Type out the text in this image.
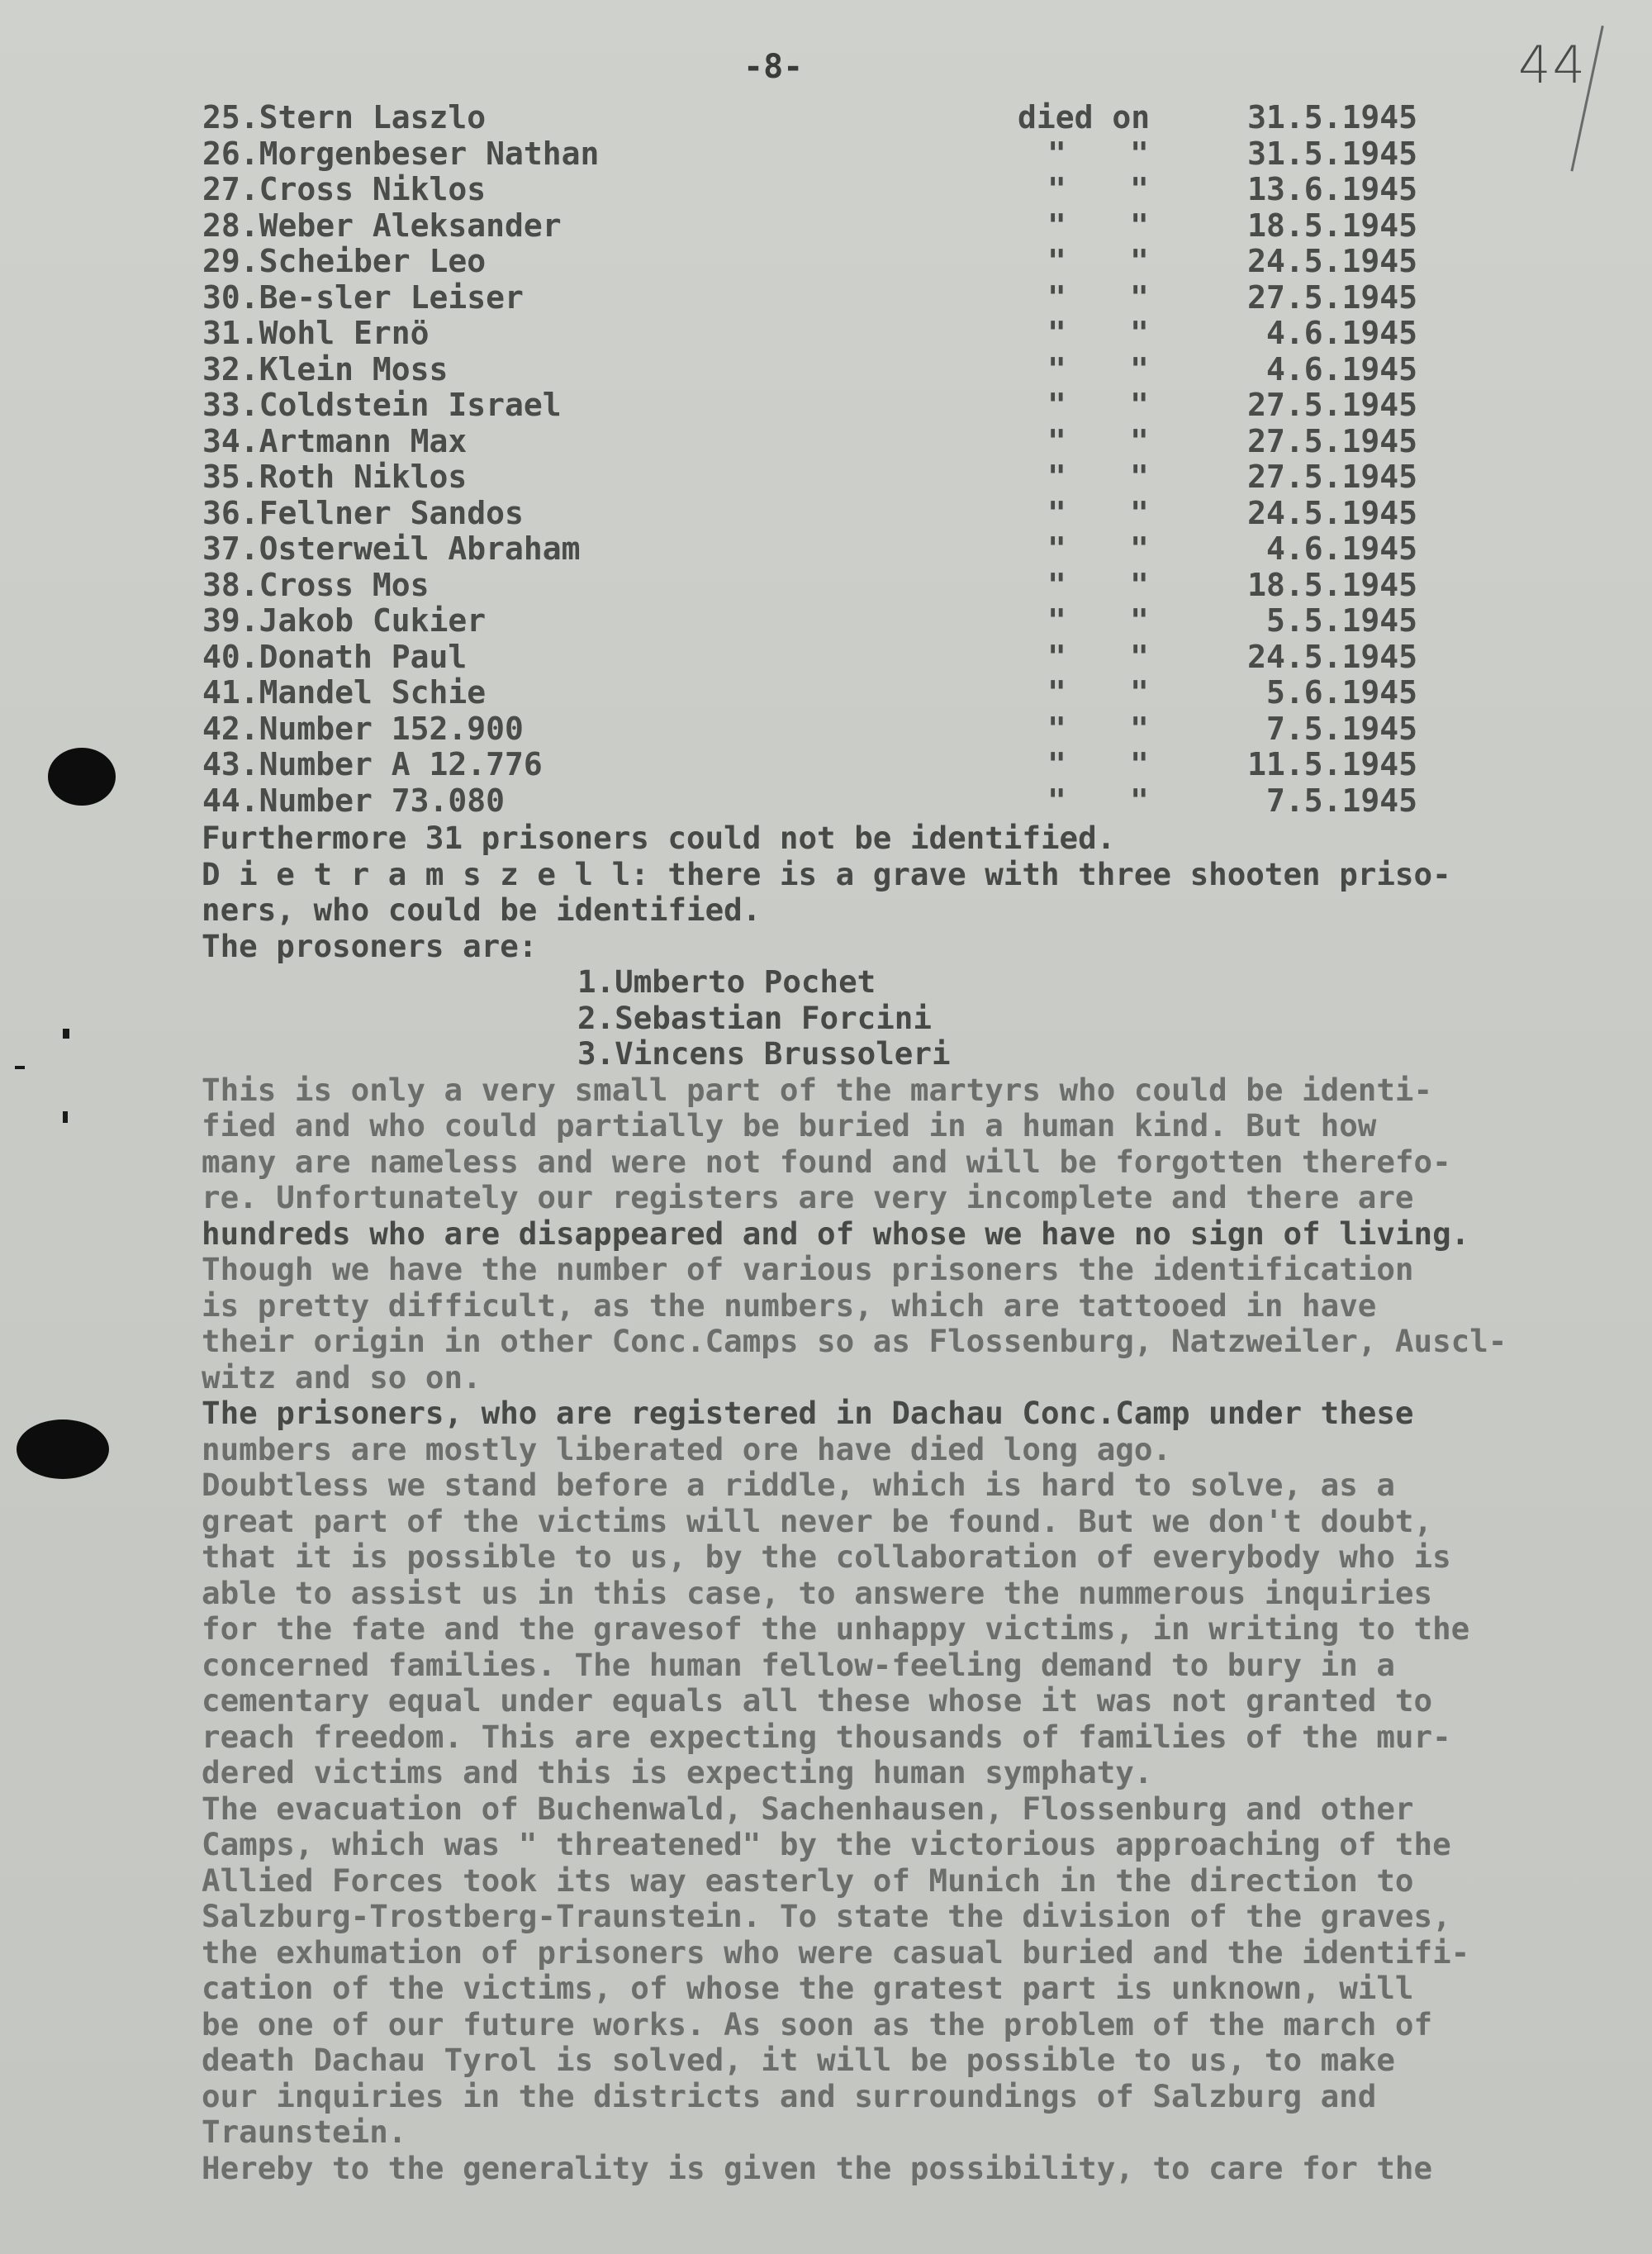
-8-	44
25.Stern Laszlo	died on	31.5.1945
26.Morgenbeser Nathan	" "	31.5.1945
27.Cross Niklos	" "	13.6.1945
28.Weber Aleksander	" "	18.5.1945
29.Scheiber Leo	" "	24.5.1945
30.Be-sler Leiser	" "	27.5.1945
31.Wohl Ernö	" "	4.6.1945
32.Klein Moss	" "	4.6.1945
33.Coldstein Israel	" "	27.5.1945
34.Artmann Max	" "	27.5.1945
35.Roth Niklos	" "	27.5.1945
36.Fellner Sandos	" "	24.5.1945
37.Osterweil Abraham	" "	4.6.1945
38.Cross Mos	" "	18.5.1945
39.Jakob Cukier	" "	5.5.1945
40.Donath Paul	" "	24.5.1945
41.Mandel Schie	" "	5.6.1945
42.Number 152.900	" "	7.5.1945
43.Number A 12.776	" "	11.5.1945
44.Number 73.080	" "	7.5.1945
Furthermore 31 prisoners could not be identified.
D i e t r a m s z e l l: there is a grave with three shooten priso-
ners, who could be identified.
The prosoners are:
1.Umberto Pochet
2.Sebastian Forcini
3.Vincens Brussoleri
This is only a very small part of the martyrs who could be identi-
fied and who could partially be buried in a human kind. But how
many are nameless and were not found and will be forgotten therefo-
re. Unfortunately our registers are very incomplete and there are
hundreds who are disappeared and of whose we have no sign of living.
Though we have the number of various prisoners the identification
is pretty difficult, as the numbers, which are tattooed in have
their origin in other Conc.Camps so as Flossenburg, Natzweiler, Auscl-
witz and so on.
The prisoners, who are registered in Dachau Conc.Camp under these
numbers are mostly liberated ore have died long ago.
Doubtless we stand before a riddle, which is hard to solve, as a
great part of the victims will never be found. But we don't doubt,
that it is possible to us, by the collaboration of everybody who is
able to assist us in this case, to answere the nummerous inquiries
for the fate and the gravesof the unhappy victims, in writing to the
concerned families. The human fellow-feeling demand to bury in a
cementary equal under equals all these whose it was not granted to
reach freedom. This are expecting thousands of families of the mur-
dered victims and this is expecting human symphaty.
The evacuation of Buchenwald, Sachenhausen, Flossenburg and other
Camps, which was " threatened" by the victorious approaching of the
Allied Forces took its way easterly of Munich in the direction to
Salzburg-Trostberg-Traunstein. To state the division of the graves,
the exhumation of prisoners who were casual buried and the identifi-
cation of the victims, of whose the gratest part is unknown, will
be one of our future works. As soon as the problem of the march of
death Dachau Tyrol is solved, it will be possible to us, to make
our inquiries in the districts and surroundings of Salzburg and
Traunstein.
Hereby to the generality is given the possibility, to care for the
